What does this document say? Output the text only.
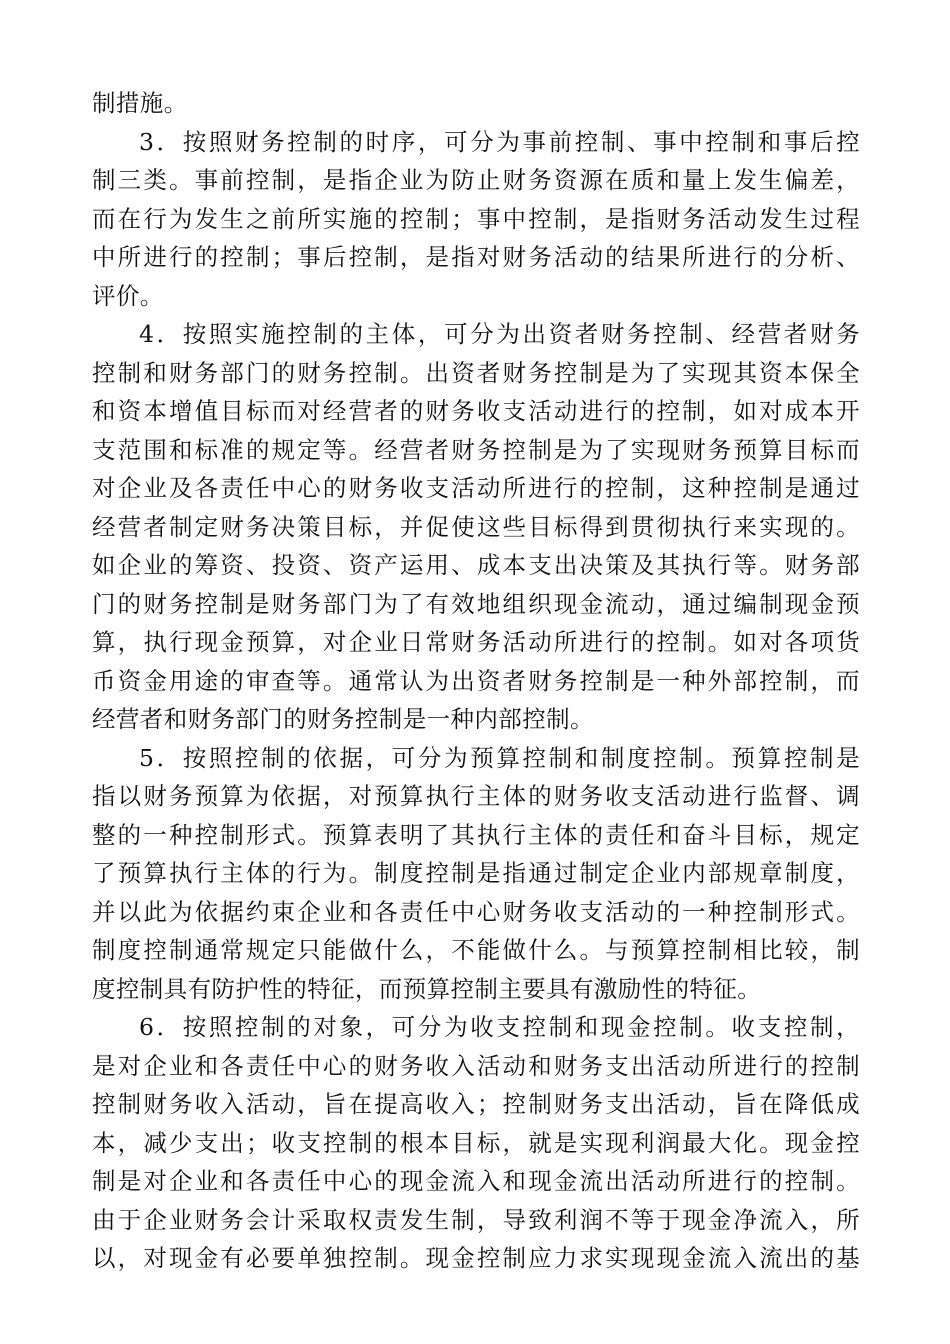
制措施。
3．按照财务控制的时序，可分为事前控制、事中控制和事后控
制三类。事前控制，是指企业为防止财务资源在质和量上发生偏差，
而在行为发生之前所实施的控制；事中控制，是指财务活动发生过程
中所进行的控制；事后控制，是指对财务活动的结果所进行的分析、
评价。
4．按照实施控制的主体，可分为出资者财务控制、经营者财务
控制和财务部门的财务控制。出资者财务控制是为了实现其资本保全
和资本增值目标而对经营者的财务收支活动进行的控制，如对成本开
支范围和标准的规定等。经营者财务控制是为了实现财务预算目标而
对企业及各责任中心的财务收支活动所进行的控制，这种控制是通过
经营者制定财务决策目标，并促使这些目标得到贯彻执行来实现的。
如企业的筹资、投资、资产运用、成本支出决策及其执行等。财务部
门的财务控制是财务部门为了有效地组织现金流动，通过编制现金预
算，执行现金预算，对企业日常财务活动所进行的控制。如对各项货
币资金用途的审查等。通常认为出资者财务控制是一种外部控制，而
经营者和财务部门的财务控制是一种内部控制。
5．按照控制的依据，可分为预算控制和制度控制。预算控制是
指以财务预算为依据，对预算执行主体的财务收支活动进行监督、调
整的一种控制形式。预算表明了其执行主体的责任和奋斗目标，规定
了预算执行主体的行为。制度控制是指通过制定企业内部规章制度，
并以此为依据约束企业和各责任中心财务收支活动的一种控制形式。
制度控制通常规定只能做什么，不能做什么。与预算控制相比较，制
度控制具有防护性的特征，而预算控制主要具有激励性的特征。
6．按照控制的对象，可分为收支控制和现金控制。收支控制，
是对企业和各责任中心的财务收入活动和财务支出活动所进行的控制
控制财务收入活动，旨在提高收入；控制财务支出活动，旨在降低成
本，减少支出；收支控制的根本目标，就是实现利润最大化。现金控
制是对企业和各责任中心的现金流入和现金流出活动所进行的控制。
由于企业财务会计采取权责发生制，导致利润不等于现金净流入，所
以，对现金有必要单独控制。现金控制应力求实现现金流入流出的基
